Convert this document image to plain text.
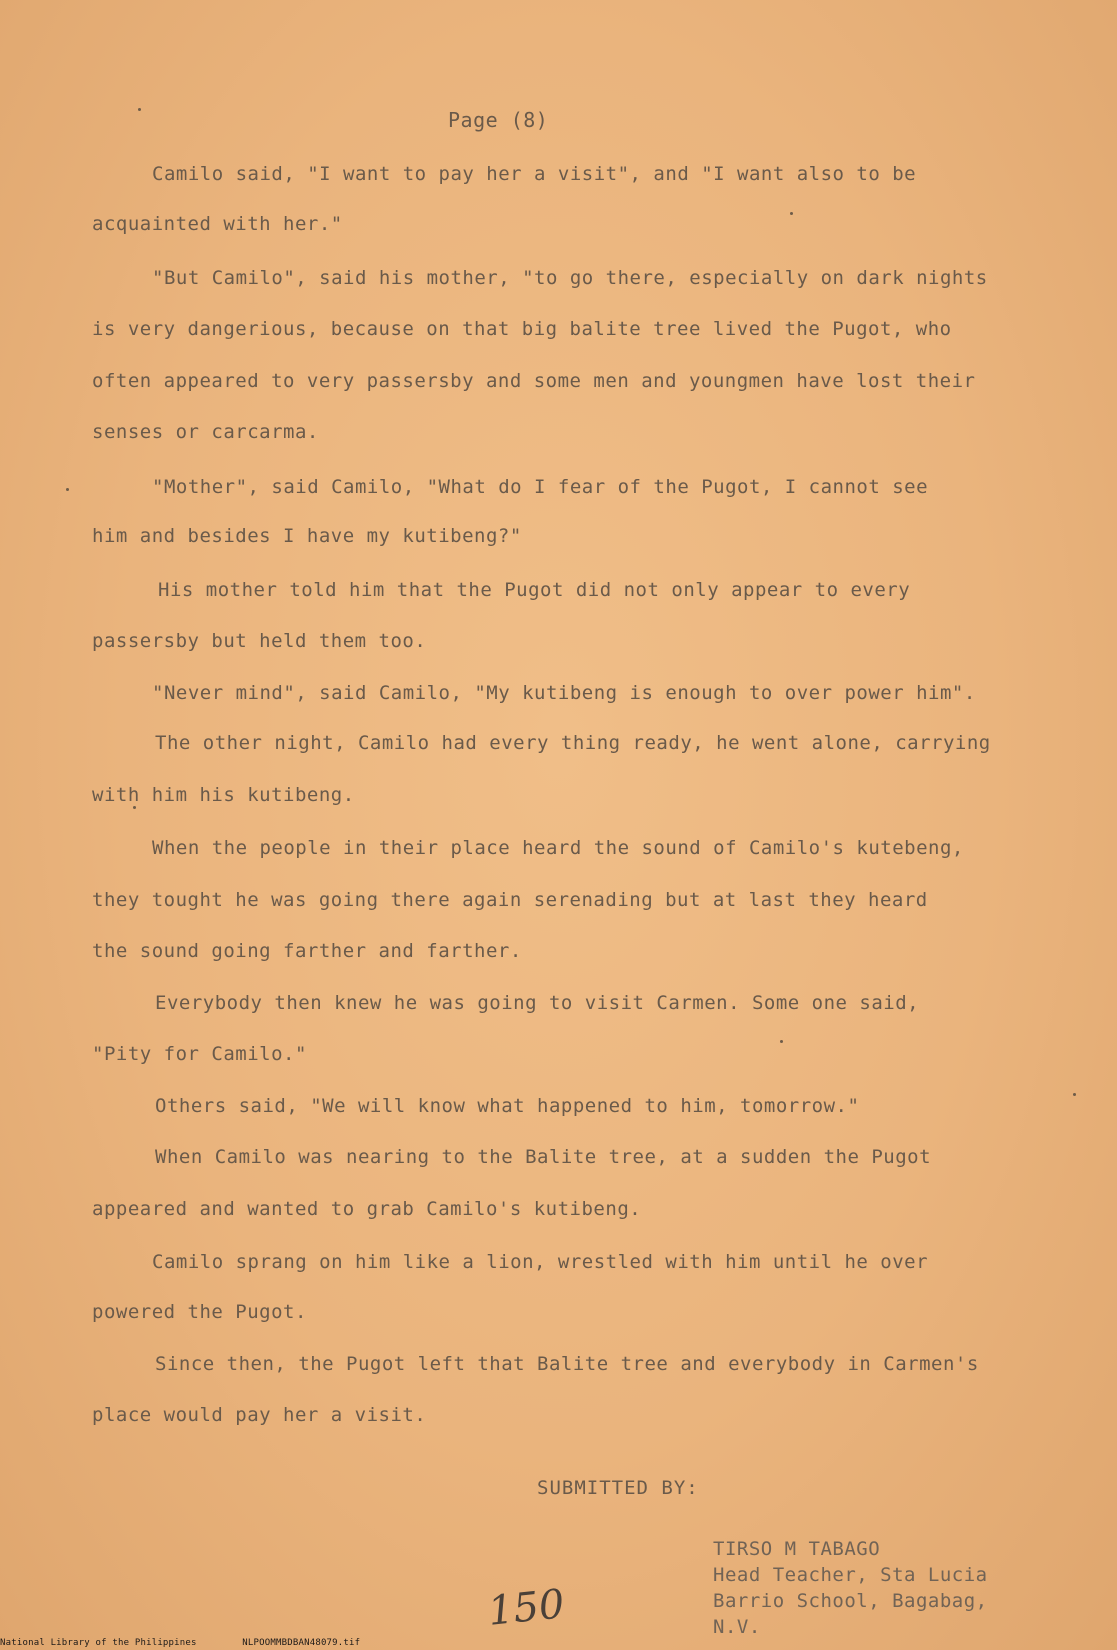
Page (8)
Camilo said, "I want to pay her a visit", and "I want also to be
acquainted with her."
"But Camilo", said his mother, "to go there, especially on dark nights
is very dangerious, because on that big balite tree lived the Pugot, who
often appeared to very passersby and some men and youngmen have lost their
senses or carcarma.
"Mother", said Camilo, "What do I fear of the Pugot, I cannot see
him and besides I have my kutibeng?"
His mother told him that the Pugot did not only appear to every
passersby but held them too.
"Never mind", said Camilo, "My kutibeng is enough to over power him".
The other night, Camilo had every thing ready, he went alone, carrying
with him his kutibeng.
When the people in their place heard the sound of Camilo's kutebeng,
they tought he was going there again serenading but at last they heard
the sound going farther and farther.
Everybody then knew he was going to visit Carmen. Some one said,
"Pity for Camilo."
Others said, "We will know what happened to him, tomorrow."
When Camilo was nearing to the Balite tree, at a sudden the Pugot
appeared and wanted to grab Camilo's kutibeng.
Camilo sprang on him like a lion, wrestled with him until he over
powered the Pugot.
Since then, the Pugot left that Balite tree and everybody in Carmen's
place would pay her a visit.
SUBMITTED BY:
TIRSO M TABAGO
Head Teacher, Sta Lucia
Barrio School, Bagabag,
N.V.
150
National Library of the Philippines	NLPOOMMBDBAN48079.tif
